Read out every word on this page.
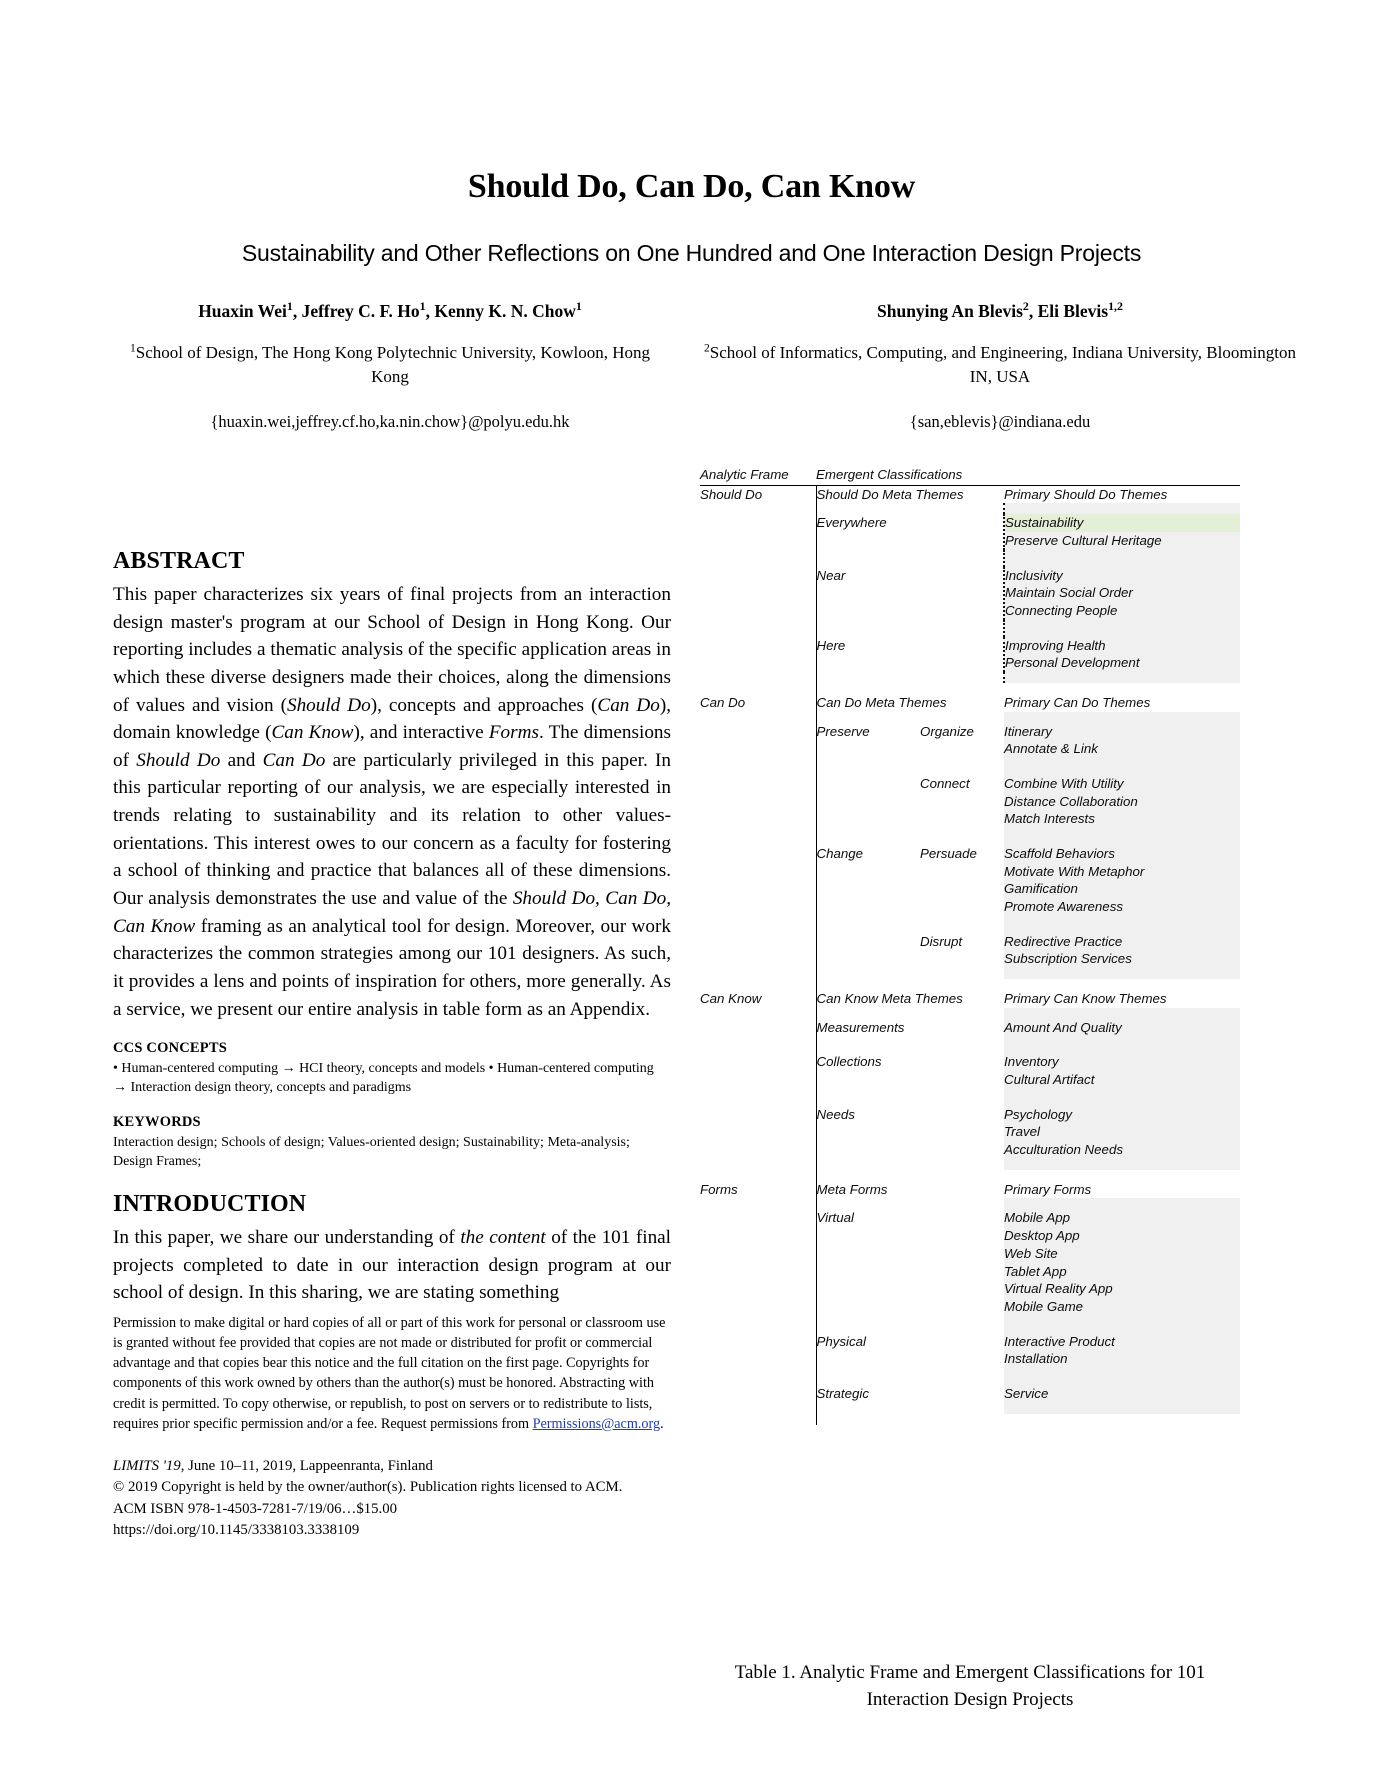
Should Do, Can Do, Can Know
Sustainability and Other Reflections on One Hundred and One Interaction Design Projects
Huaxin Wei$^1$, Jeffrey C. F. Ho$^1$, Kenny K. N. Chow$^1$
$^1$School of Design, The Hong Kong Polytechnic University, Kowloon, Hong Kong
{huaxin.wei,jeffrey.cf.ho,ka.nin.chow}@polyu.edu.hk
Shunying An Blevis$^2$, Eli Blevis$^{1,2}$
$^2$School of Informatics, Computing, and Engineering, Indiana University, Bloomington IN, USA
{san,eblevis}@indiana.edu
ABSTRACT

This paper characterizes six years of final projects from an interaction design master's program at our School of Design in Hong Kong. Our reporting includes a thematic analysis of the specific application areas in which these diverse designers made their choices, along the dimensions of values and vision (Should Do), concepts and approaches (Can Do), domain knowledge (Can Know), and interactive Forms. The dimensions of Should Do and Can Do are particularly privileged in this paper. In this particular reporting of our analysis, we are especially interested in trends relating to sustainability and its relation to other values-orientations. This interest owes to our concern as a faculty for fostering a school of thinking and practice that balances all of these dimensions. Our analysis demonstrates the use and value of the Should Do, Can Do, Can Know framing as an analytical tool for design. Moreover, our work characterizes the common strategies among our 101 designers. As such, it provides a lens and points of inspiration for others, more generally. As a service, we present our entire analysis in table form as an Appendix.

CCS CONCEPTS

• Human-centered computing → HCI theory, concepts and models • Human-centered computing → Interaction design theory, concepts and paradigms

KEYWORDS

Interaction design; Schools of design; Values-oriented design; Sustainability; Meta-analysis; Design Frames;

INTRODUCTION

In this paper, we share our understanding of the content of the 101 final projects completed to date in our interaction design program at our school of design. In this sharing, we are stating something

Permission to make digital or hard copies of all or part of this work for personal or classroom use is granted without fee provided that copies are not made or distributed for profit or commercial advantage and that copies bear this notice and the full citation on the first page. Copyrights for components of this work owned by others than the author(s) must be honored. Abstracting with credit is permitted. To copy otherwise, or republish, to post on servers or to redistribute to lists, requires prior specific permission and/or a fee. Request permissions from Permissions@acm.org.

LIMITS '19, June 10–11, 2019, Lappeenranta, Finland

© 2019 Copyright is held by the owner/author(s). Publication rights licensed to ACM.

ACM ISBN 978-1-4503-7281-7/19/06…$15.00

https://doi.org/10.1145/3338103.3338109

Analytic Frame	Emergent Classifications			

Should Do	Should Do Meta Themes			Primary Should Do Themes

	Everywhere			Sustainability
Preserve Cultural Heritage

	Near			Inclusivity
Maintain Social Order
Connecting People

	Here			Improving Health
Personal Development

Can Do	Can Do Meta Themes			Primary Can Do Themes

	Preserve	Organize		Itinerary
Annotate & Link

		Connect		Combine With Utility
Distance Collaboration
Match Interests

	Change	Persuade		Scaffold Behaviors
Motivate With Metaphor
Gamification
Promote Awareness

		Disrupt		Redirective Practice
Subscription Services

Can Know	Can Know Meta Themes			Primary Can Know Themes

	Measurements			Amount And Quality

	Collections			Inventory
Cultural Artifact

	Needs			Psychology
Travel
Acculturation Needs

Forms	Meta Forms			Primary Forms

	Virtual			Mobile App
Desktop App
Web Site
Tablet App
Virtual Reality App
Mobile Game

	Physical			Interactive Product
Installation

	Strategic			Service

Table 1. Analytic Frame and Emergent Classifications for 101 Interaction Design Projects
